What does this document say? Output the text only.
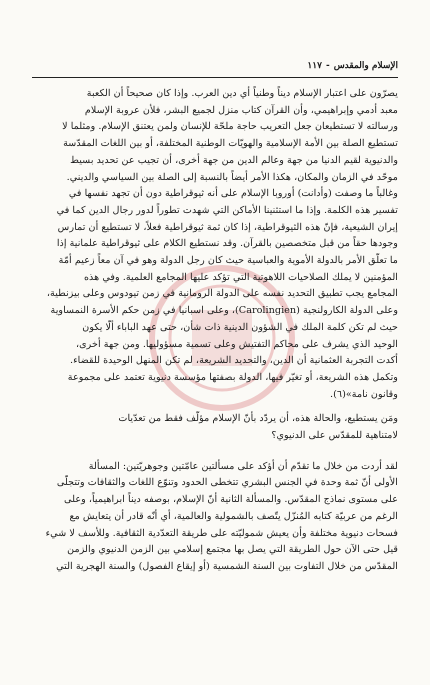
الإسلام والمقدس
-
١١٧
يصرّون على اعتبار الإسلام ديناً وطنياً أي دين العرب. وإذا كان صحيحاً أن الكعبة
معبد أدمي وإبراهيمي، وأن القرآن كتاب منزل لجميع البشر، فلأن عروبة الإسلام
ورسالته لا تستطيعان جعل التعريب حاجة ملحّة للإنسان ولمن يعتنق الإسلام. ومثلما لا
تستطيع الصلة بين الأمة الإسلامية والهويّات الوطنية المختلفة، أو بين اللغات المقدّسة
والدنيوية لقيم الدنيا من جهة وعالم الدين من جهة أخرى، أن تجيب عن تحديد بسيط
موحّد في الزمان والمكان، هكذا الأمر أيضاً بالنسبة إلى الصلة بين السياسي والديني.
وغالباً ما وصفت (وأدانت) أوروبا الإسلام على أنه ثيوقراطية دون أن تجهد نفسها في
تفسير هذه الكلمة. وإذا ما استثنينا الأماكن التي شهدت تطوراً لدور رجال الدين كما في
إيران الشيعية، فإنّ هذه الثيوقراطية، إذا كان ثمة ثيوقراطية فعلاً، لا تستطيع أن تمارس
وجودها حقاً من قبل متخصصين بالقرآن. وقد نستطيع الكلام على ثيوقراطية علمانية إذا
ما تعلّق الأمر بالدولة الأموية والعباسية حيث كان رجل الدولة وهو في آن معاً زعيم أمّة
المؤمنين لا يملك الصلاحيات اللاهوتية التي تؤكد عليها المجامع العلمية. وفي هذه
المجامع يجب تطبيق التحديد نفسه على الدولة الرومانية في زمن تيودوس وعلى بيزنطية،
وعلى الدولة الكارولنجية (Carolingien)، وعلى اسبانيا في زمن حكم الأسرة النمساوية
حيث لم تكن كلمة الملك في الشؤون الدينية ذات شأن، حتى عهد الباباء ألّا يكون
الوحيد الذي يشرف على محاكم التفتيش وعلى تسمية مسؤوليها. ومن جهة أخرى،
أكدت التجربة العثمانية أن الدين، والتحديد الشريعة، لم تكن المنهل الوحيدة للقضاء.
وتكمل هذه الشريعة، أو تغيّر فيها، الدولة بصفتها مؤسسة دنيوية تعتمد على مجموعة
وقانون نامة»(٦).
ومَن يستطيع، والحالة هذه، أن يردّد بأنّ الإسلام مؤلّف فقط من تعدّيات
لامتناهية للمقدّس على الدنيوي؟
لقد أردت من خلال ما تقدّم أن أؤكد على مسألتين عامّتين وجوهريّتين: المسألة
الأولى أنّ ثمة وحدة في الجنس البشري تتخطى الحدود وتنوّع اللغات والثقافات وتتجلّى
على مستوى نماذج المقدّس. والمسألة الثانية أنّ الإسلام، بوصفه ديناً ابراهيمياً، وعلى
الرغم من عربيّة كتابه المُنزّل يتّصف بالشمولية والعالمية، أي أنّه قادر أن يتعايش مع
فسحات دنيوية مختلفة وأن يعيش شموليّته على طريقة التعدّدية الثقافية. وللأسف لا شيء
قيل حتى الآن حول الطريقة التي يصل بها مجتمع إسلامي بين الزمن الدنيوي والزمن
المقدّس من خلال التفاوت بين السنة الشمسية (أو إيقاع الفصول) والسنة الهجرية التي
